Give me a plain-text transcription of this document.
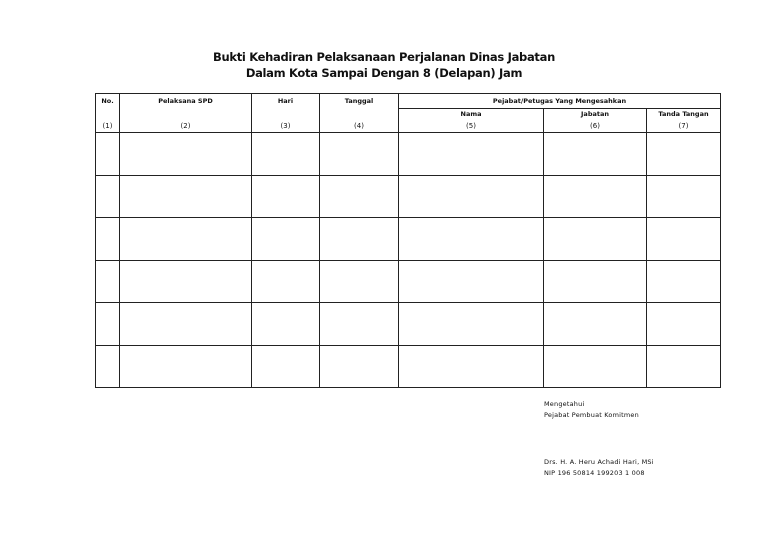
Bukti Kehadiran Pelaksanaan Perjalanan Dinas Jabatan
Dalam Kota Sampai Dengan 8 (Delapan) Jam
No.	Pelaksana SPD	Hari	Tanggal	Pejabat/Petugas Yang Mengesahkan		
				Nama	Jabatan	Tanda Tangan
(1)	(2)	(3)	(4)	(5)	(6)	(7)

Mengetahui
Pejabat Pembuat Komitmen
Drs. H. A. Heru Achadi Hari, MSi
NIP 196 50814 199203 1 008
